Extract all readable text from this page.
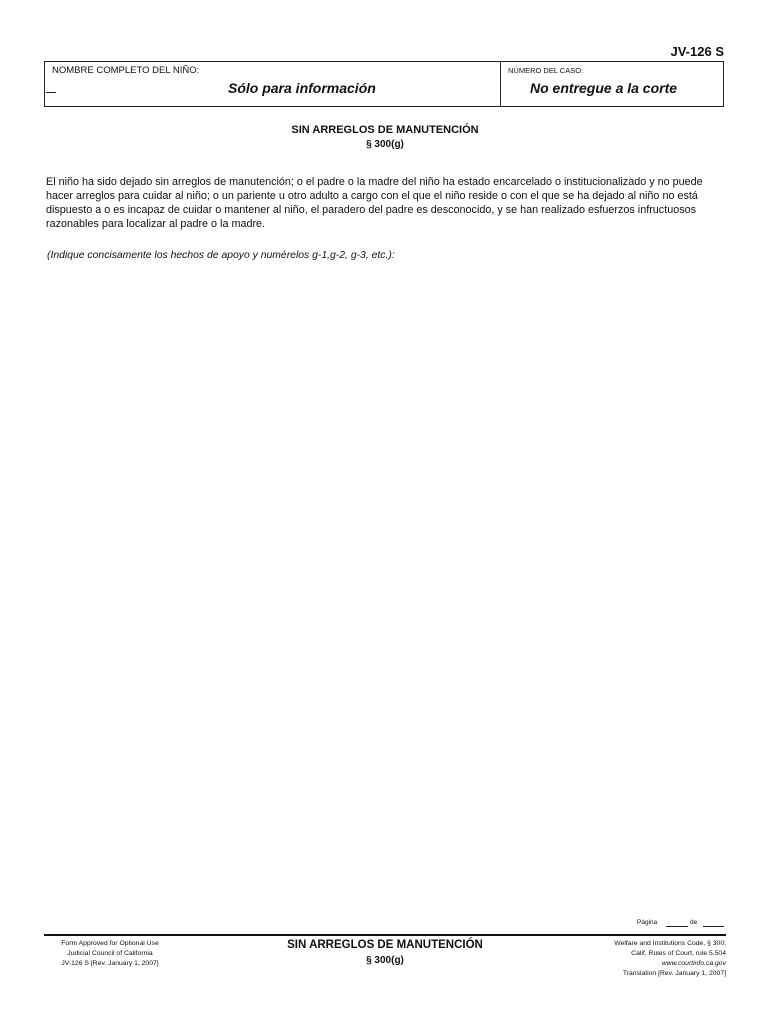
JV-126 S
NOMBRE COMPLETO DEL NIÑO:
Sólo para información
NÚMERO DEL CASO:
No entregue a la corte
SIN ARREGLOS DE MANUTENCIÓN
§ 300(g)
El niño ha sido dejado sin arreglos de manutención; o el padre o la madre del niño ha estado encarcelado o institucionalizado y no puede hacer arreglos para cuidar al niño; o un pariente u otro adulto a cargo con el que el niño reside o con el que se ha dejado al niño no está dispuesto a o es incapaz de cuidar o mantener al niño, el paradero del padre es desconocido, y se han realizado esfuerzos infructuosos razonables para localizar al padre o la madre.
(Indique concisamente los hechos de apoyo y numérelos g-1,g-2, g-3, etc.):
Página	de
Form Approved for Optional Use
Judicial Council of California
JV-126 S [Rev. January 1, 2007]
SIN ARREGLOS DE MANUTENCIÓN
§ 300(g)
Welfare and Institutions Code, § 300;
Calif. Rules of Court, rule 5.504
www.courtinfo.ca.gov
Translation [Rev. January 1, 2007]
